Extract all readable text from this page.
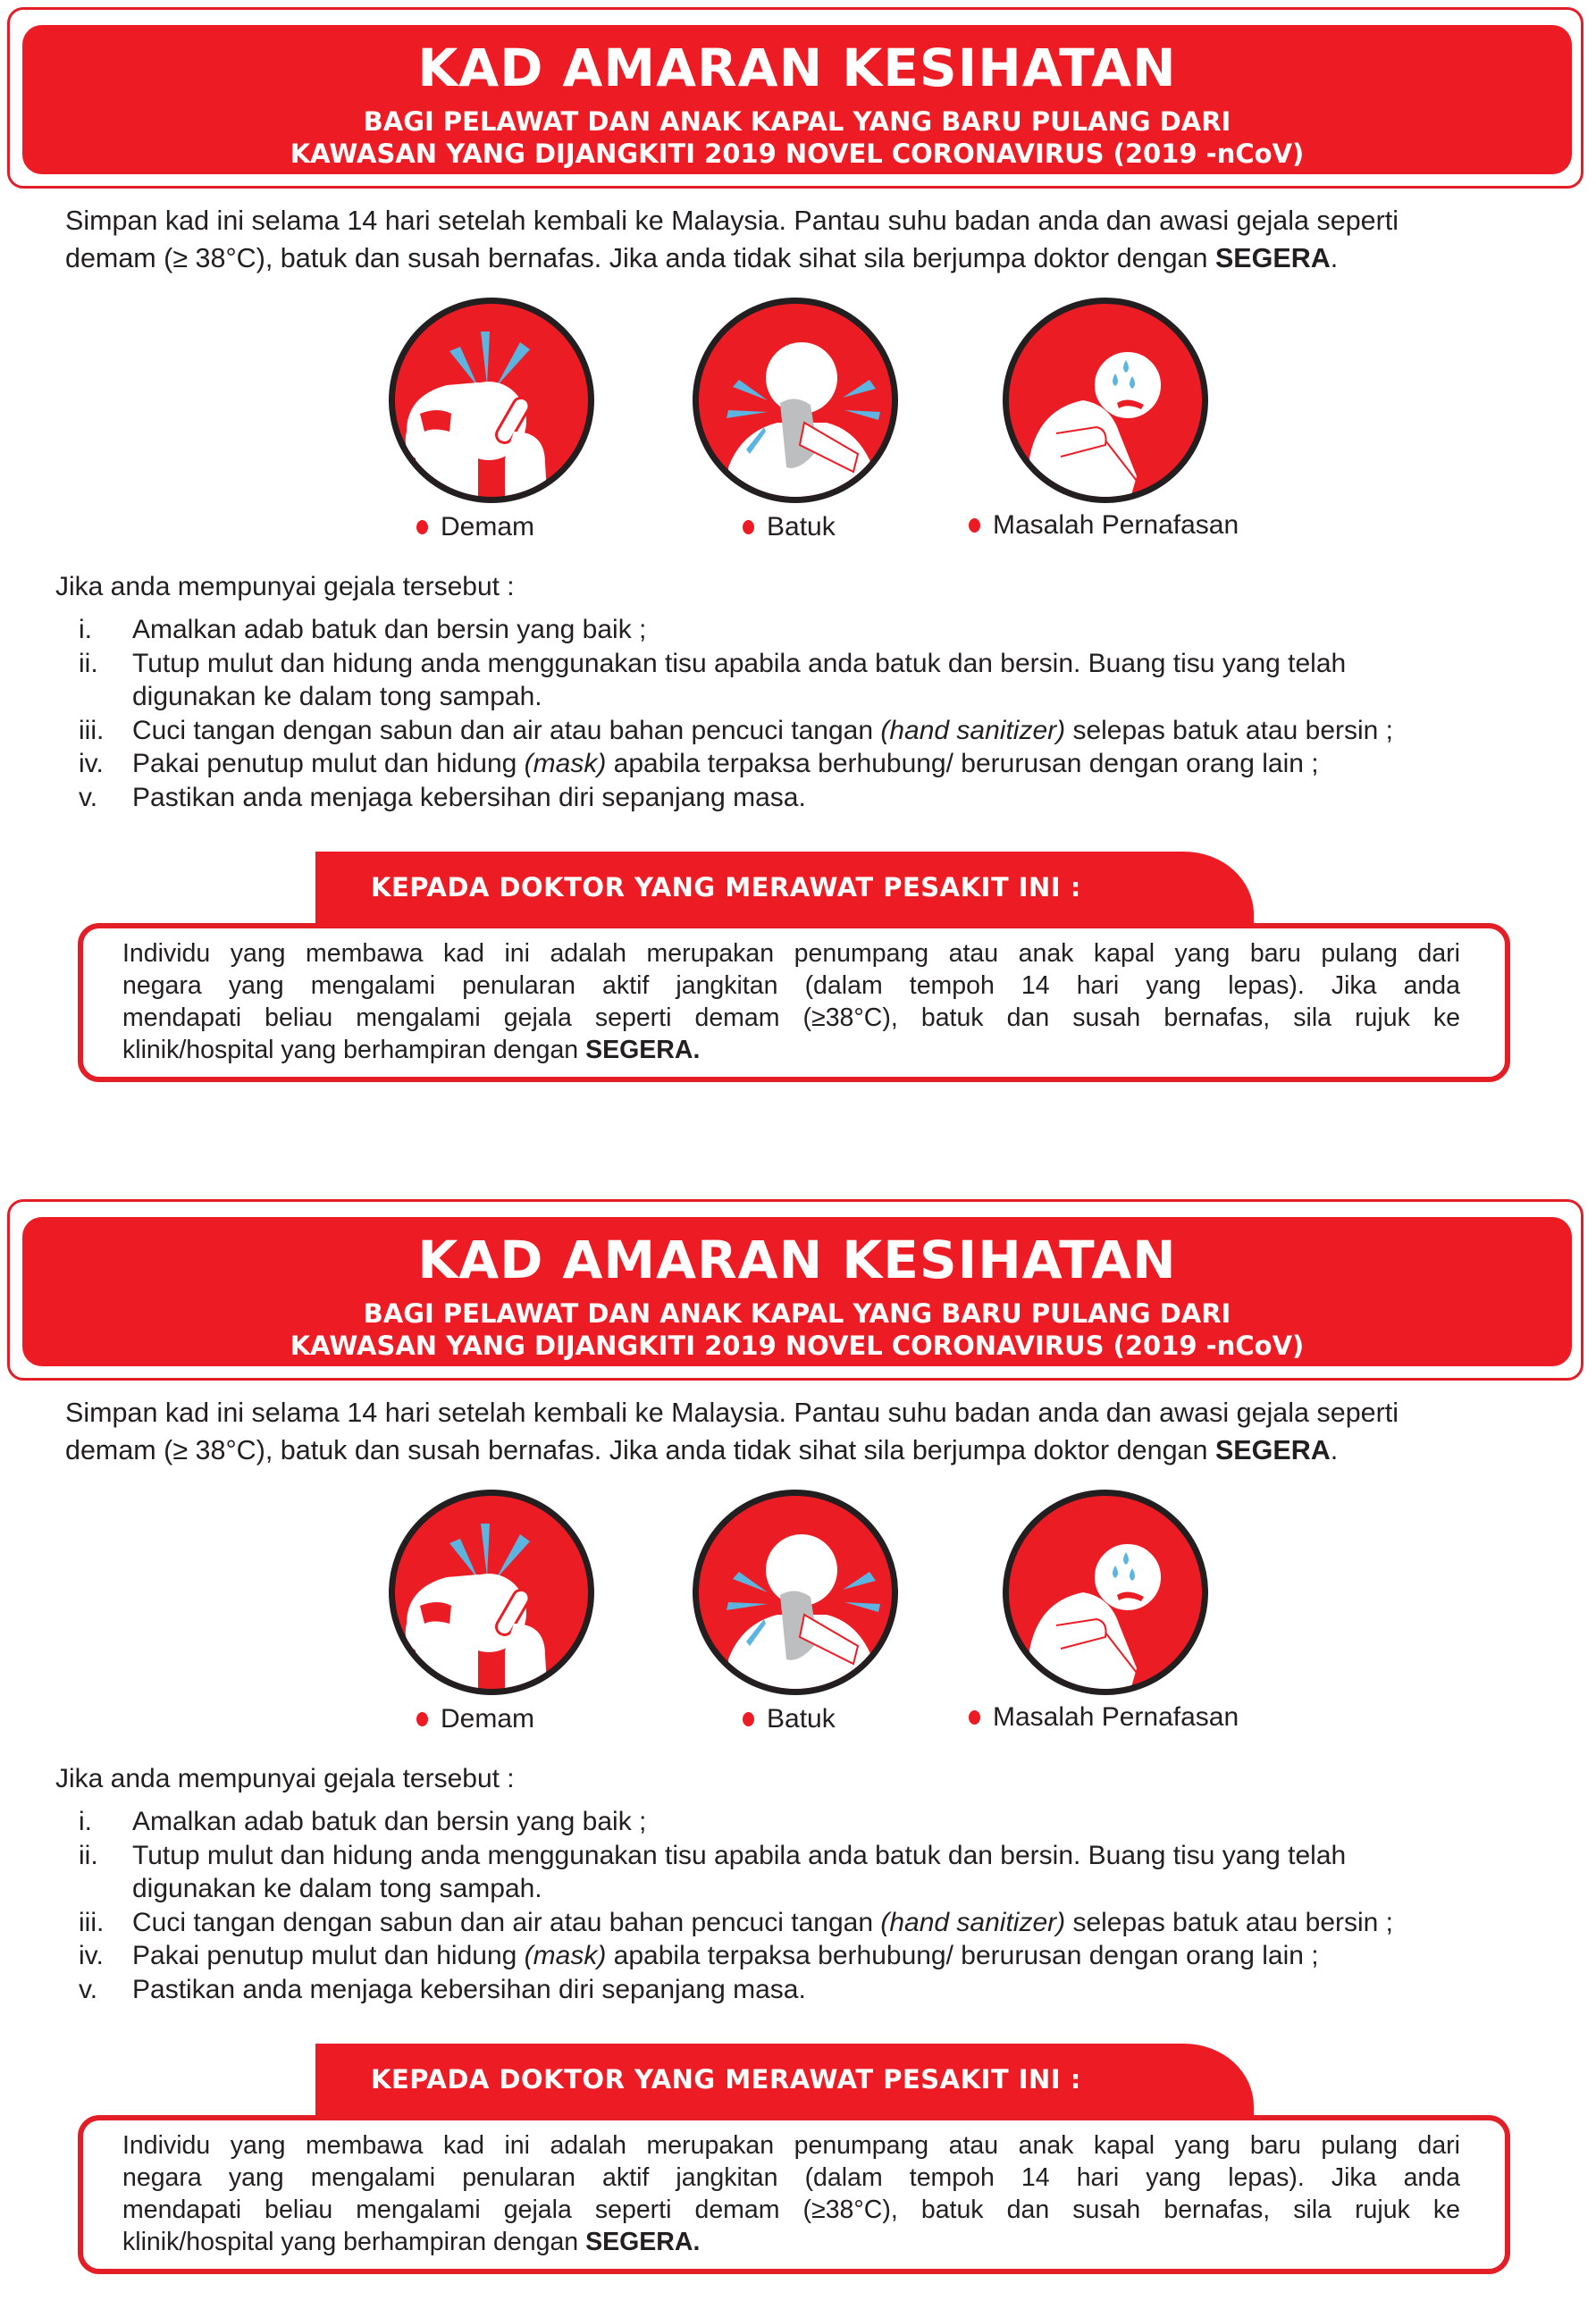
KAD AMARAN KESIHATAN
BAGI PELAWAT DAN ANAK KAPAL YANG BARU PULANG DARI
KAWASAN YANG DIJANGKITI 2019 NOVEL CORONAVIRUS (2019 -nCoV)
Simpan kad ini selama 14 hari setelah kembali ke Malaysia. Pantau suhu badan anda dan awasi gejala seperti
demam (≥ 38°C), batuk dan susah bernafas. Jika anda tidak sihat sila berjumpa doktor dengan SEGERA.
Demam	Batuk	Masalah Pernafasan
Jika anda mempunyai gejala tersebut :
i. Amalkan adab batuk dan bersin yang baik ;
ii. Tutup mulut dan hidung anda menggunakan tisu apabila anda batuk dan bersin. Buang tisu yang telah
digunakan ke dalam tong sampah.
iii. Cuci tangan dengan sabun dan air atau bahan pencuci tangan (hand sanitizer) selepas batuk atau bersin ;
iv. Pakai penutup mulut dan hidung (mask) apabila terpaksa berhubung/ berurusan dengan orang lain ;
v. Pastikan anda menjaga kebersihan diri sepanjang masa.
Individu yang membawa kad ini adalah merupakan penumpang atau anak kapal yang baru pulang dari
negara yang mengalami penularan aktif jangkitan (dalam tempoh 14 hari yang lepas). Jika anda
mendapati beliau mengalami gejala seperti demam (≥38°C), batuk dan susah bernafas, sila rujuk ke
klinik/hospital yang berhampiran dengan SEGERA.
KEPADA DOKTOR YANG MERAWAT PESAKIT INI :
KAD AMARAN KESIHATAN
BAGI PELAWAT DAN ANAK KAPAL YANG BARU PULANG DARI
KAWASAN YANG DIJANGKITI 2019 NOVEL CORONAVIRUS (2019 -nCoV)
Simpan kad ini selama 14 hari setelah kembali ke Malaysia. Pantau suhu badan anda dan awasi gejala seperti
demam (≥ 38°C), batuk dan susah bernafas. Jika anda tidak sihat sila berjumpa doktor dengan SEGERA.
Demam	Batuk	Masalah Pernafasan
Jika anda mempunyai gejala tersebut :
i. Amalkan adab batuk dan bersin yang baik ;
ii. Tutup mulut dan hidung anda menggunakan tisu apabila anda batuk dan bersin. Buang tisu yang telah
digunakan ke dalam tong sampah.
iii. Cuci tangan dengan sabun dan air atau bahan pencuci tangan (hand sanitizer) selepas batuk atau bersin ;
iv. Pakai penutup mulut dan hidung (mask) apabila terpaksa berhubung/ berurusan dengan orang lain ;
v. Pastikan anda menjaga kebersihan diri sepanjang masa.
Individu yang membawa kad ini adalah merupakan penumpang atau anak kapal yang baru pulang dari
negara yang mengalami penularan aktif jangkitan (dalam tempoh 14 hari yang lepas). Jika anda
mendapati beliau mengalami gejala seperti demam (≥38°C), batuk dan susah bernafas, sila rujuk ke
klinik/hospital yang berhampiran dengan SEGERA.
KEPADA DOKTOR YANG MERAWAT PESAKIT INI :
